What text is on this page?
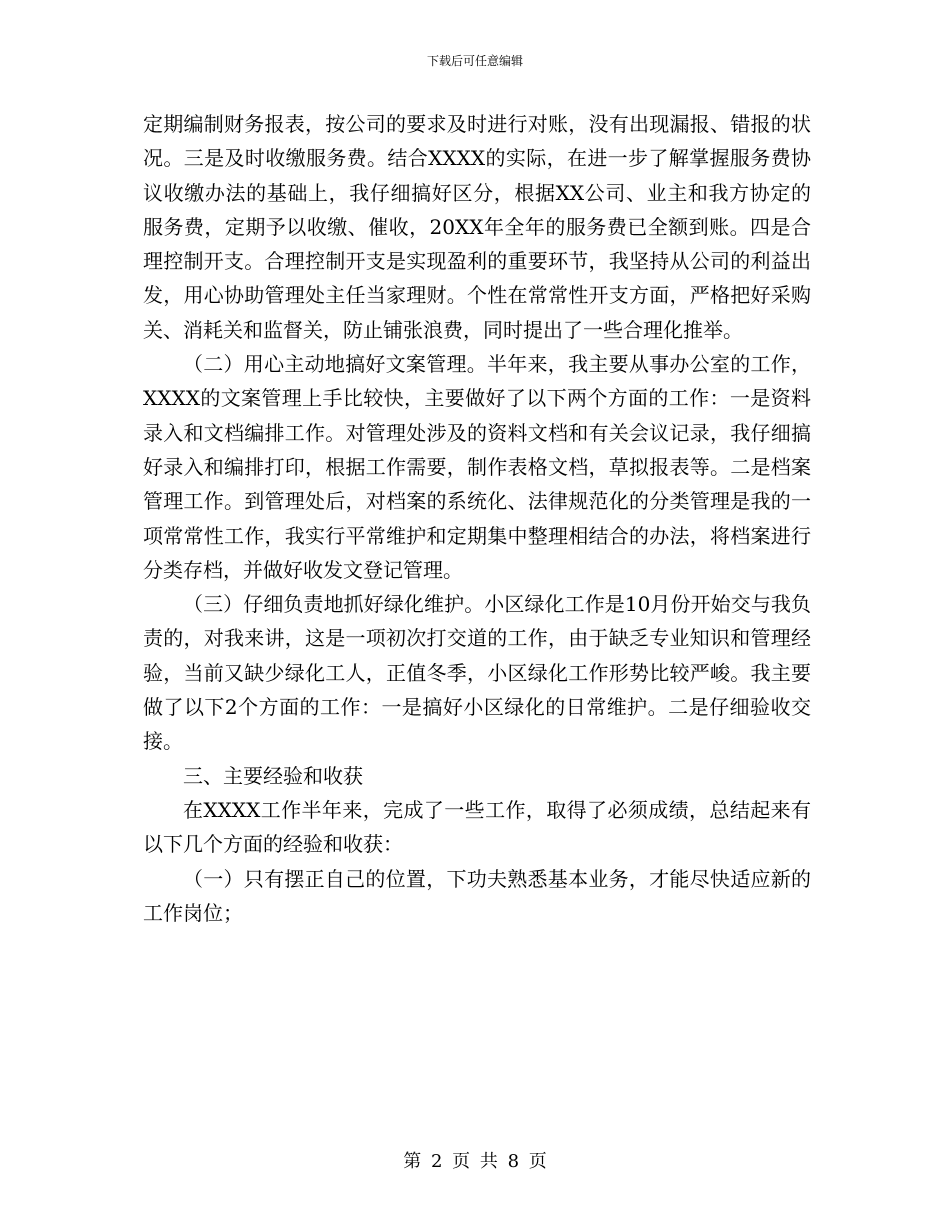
下载后可任意编辑

定期编制财务报表，按公司的要求及时进行对账，没有出现漏报、错报的状况。三是及时收缴服务费。结合XXXX的实际，在进一步了解掌握服务费协议收缴办法的基础上，我仔细搞好区分，根据XX公司、业主和我方协定的服务费，定期予以收缴、催收，20XX年全年的服务费已全额到账。四是合理控制开支。合理控制开支是实现盈利的重要环节，我坚持从公司的利益出发，用心协助管理处主任当家理财。个性在常常性开支方面，严格把好采购关、消耗关和监督关，防止铺张浪费，同时提出了一些合理化推举。

（二）用心主动地搞好文案管理。半年来，我主要从事办公室的工作，XXXX的文案管理上手比较快，主要做好了以下两个方面的工作：一是资料录入和文档编排工作。对管理处涉及的资料文档和有关会议记录，我仔细搞好录入和编排打印，根据工作需要，制作表格文档，草拟报表等。二是档案管理工作。到管理处后，对档案的系统化、法律规范化的分类管理是我的一项常常性工作，我实行平常维护和定期集中整理相结合的办法，将档案进行分类存档，并做好收发文登记管理。

（三）仔细负责地抓好绿化维护。小区绿化工作是10月份开始交与我负责的，对我来讲，这是一项初次打交道的工作，由于缺乏专业知识和管理经验，当前又缺少绿化工人，正值冬季，小区绿化工作形势比较严峻。我主要做了以下2个方面的工作：一是搞好小区绿化的日常维护。二是仔细验收交接。

三、主要经验和收获

在XXXX工作半年来，完成了一些工作，取得了必须成绩，总结起来有以下几个方面的经验和收获：

（一）只有摆正自己的位置，下功夫熟悉基本业务，才能尽快适应新的工作岗位；

第 2 页 共 8 页
